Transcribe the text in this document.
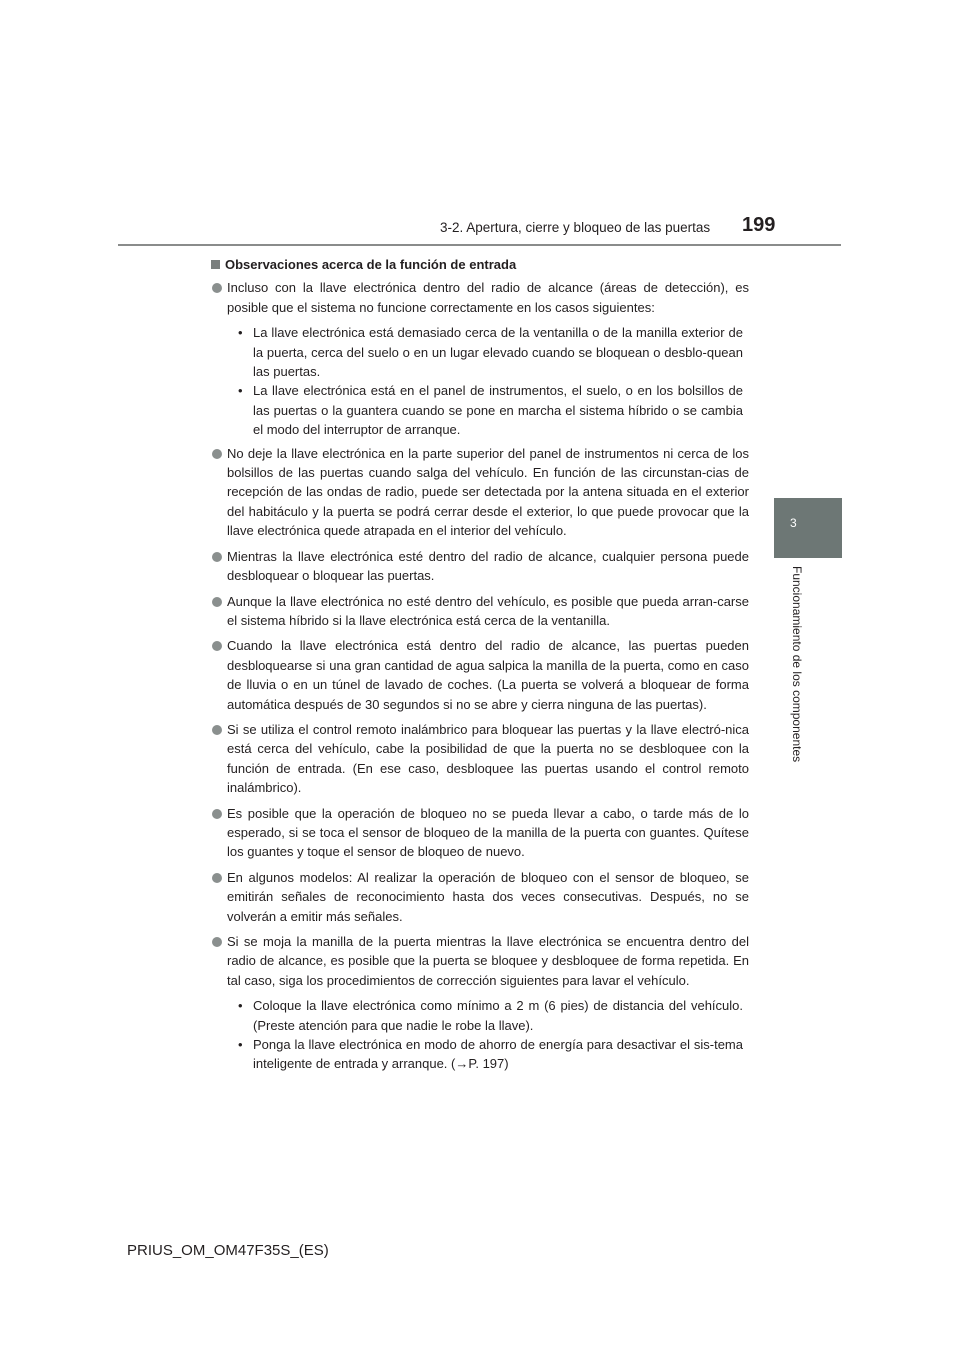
3-2. Apertura, cierre y bloqueo de las puertas 199
3
Funcionamiento de los componentes
Observaciones acerca de la función de entrada
Incluso con la llave electrónica dentro del radio de alcance (áreas de detección), es posible que el sistema no funcione correctamente en los casos siguientes:
• La llave electrónica está demasiado cerca de la ventanilla o de la manilla exterior de la puerta, cerca del suelo o en un lugar elevado cuando se bloquean o desblo-quean las puertas.
• La llave electrónica está en el panel de instrumentos, el suelo, o en los bolsillos de las puertas o la guantera cuando se pone en marcha el sistema híbrido o se cambia el modo del interruptor de arranque.
No deje la llave electrónica en la parte superior del panel de instrumentos ni cerca de los bolsillos de las puertas cuando salga del vehículo. En función de las circunstan-cias de recepción de las ondas de radio, puede ser detectada por la antena situada en el exterior del habitáculo y la puerta se podrá cerrar desde el exterior, lo que puede provocar que la llave electrónica quede atrapada en el interior del vehículo.
Mientras la llave electrónica esté dentro del radio de alcance, cualquier persona puede desbloquear o bloquear las puertas.
Aunque la llave electrónica no esté dentro del vehículo, es posible que pueda arran-carse el sistema híbrido si la llave electrónica está cerca de la ventanilla.
Cuando la llave electrónica está dentro del radio de alcance, las puertas pueden desbloquearse si una gran cantidad de agua salpica la manilla de la puerta, como en caso de lluvia o en un túnel de lavado de coches. (La puerta se volverá a bloquear de forma automática después de 30 segundos si no se abre y cierra ninguna de las puertas).
Si se utiliza el control remoto inalámbrico para bloquear las puertas y la llave electró-nica está cerca del vehículo, cabe la posibilidad de que la puerta no se desbloquee con la función de entrada. (En ese caso, desbloquee las puertas usando el control remoto inalámbrico).
Es posible que la operación de bloqueo no se pueda llevar a cabo, o tarde más de lo esperado, si se toca el sensor de bloqueo de la manilla de la puerta con guantes. Quítese los guantes y toque el sensor de bloqueo de nuevo.
En algunos modelos: Al realizar la operación de bloqueo con el sensor de bloqueo, se emitirán señales de reconocimiento hasta dos veces consecutivas. Después, no se volverán a emitir más señales.
Si se moja la manilla de la puerta mientras la llave electrónica se encuentra dentro del radio de alcance, es posible que la puerta se bloquee y desbloquee de forma repetida. En tal caso, siga los procedimientos de corrección siguientes para lavar el vehículo.
• Coloque la llave electrónica como mínimo a 2 m (6 pies) de distancia del vehículo. (Preste atención para que nadie le robe la llave).
• Ponga la llave electrónica en modo de ahorro de energía para desactivar el sis-tema inteligente de entrada y arranque. (→P. 197)
PRIUS_OM_OM47F35S_(ES)
